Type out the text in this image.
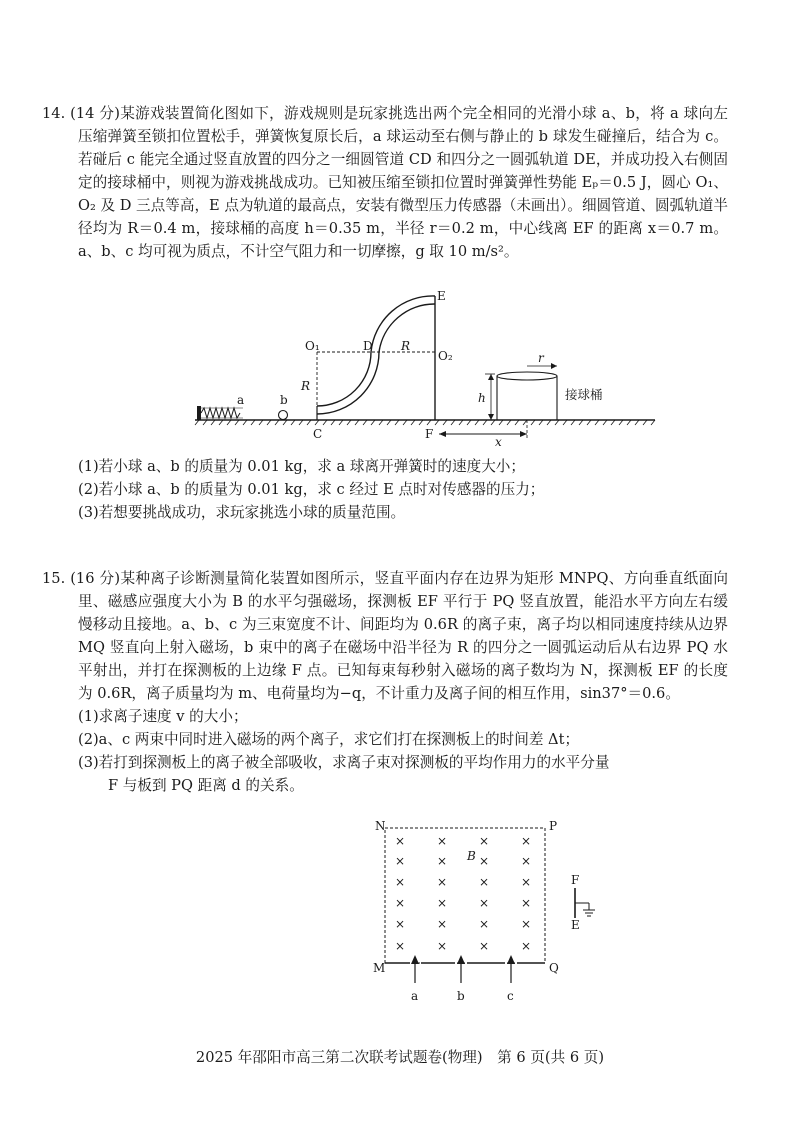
14. (14 分)某游戏装置简化图如下，游戏规则是玩家挑选出两个完全相同的光滑小球 a、b，将 a 球向左压缩弹簧至锁扣位置松手，弹簧恢复原长后，a 球运动至右侧与静止的 b 球发生碰撞后，结合为 c。若碰后 c 能完全通过竖直放置的四分之一细圆管道 CD 和四分之一圆弧轨道 DE，并成功投入右侧固定的接球桶中，则视为游戏挑战成功。已知被压缩至锁扣位置时弹簧弹性势能 Eₚ＝0.5 J，圆心 O₁、O₂ 及 D 三点等高，E 点为轨道的最高点，安装有微型压力传感器（未画出）。细圆管道、圆弧轨道半径均为 R＝0.4 m，接球桶的高度 h＝0.35 m，半径 r＝0.2 m，中心线离 EF 的距离 x＝0.7 m。a、b、c 均可视为质点，不计空气阻力和一切摩擦，g 取 10 m/s²。

a	b
E
O₁	D R
O₂
R
C	F
x
r
h	接球桶

(1)若小球 a、b 的质量为 0.01 kg，求 a 球离开弹簧时的速度大小；

(2)若小球 a、b 的质量为 0.01 kg，求 c 经过 E 点时对传感器的压力；

(3)若想要挑战成功，求玩家挑选小球的质量范围。

15. (16 分)某种离子诊断测量简化装置如图所示，竖直平面内存在边界为矩形 MNPQ、方向垂直纸面向里、磁感应强度大小为 B 的水平匀强磁场，探测板 EF 平行于 PQ 竖直放置，能沿水平方向左右缓慢移动且接地。a、b、c 为三束宽度不计、间距均为 0.6R 的离子束，离子均以相同速度持续从边界 MQ 竖直向上射入磁场，b 束中的离子在磁场中沿半径为 R 的四分之一圆弧运动后从右边界 PQ 水平射出，并打在探测板的上边缘 F 点。已知每束每秒射入磁场的离子数均为 N，探测板 EF 的长度为 0.6R，离子质量均为 m、电荷量均为−q，不计重力及离子间的相互作用，sin37°＝0.6。

(1)求离子速度 v 的大小；

(2)a、c 两束中同时进入磁场的两个离子，求它们打在探测板上的时间差 Δt；

(3)若打到探测板上的离子被全部吸收，求离子束对探测板的平均作用力的水平分量

F 与板到 PQ 距离 d 的关系。

N	P
M	Q
B
×	×	×	×
×	×	×	×
×	×	×	×
×	×	×	×
×	×	×	×
×	×	×	×
a	b	c
F
E
2025 年邵阳市高三第二次联考试题卷(物理)　第 6 页(共 6 页)
